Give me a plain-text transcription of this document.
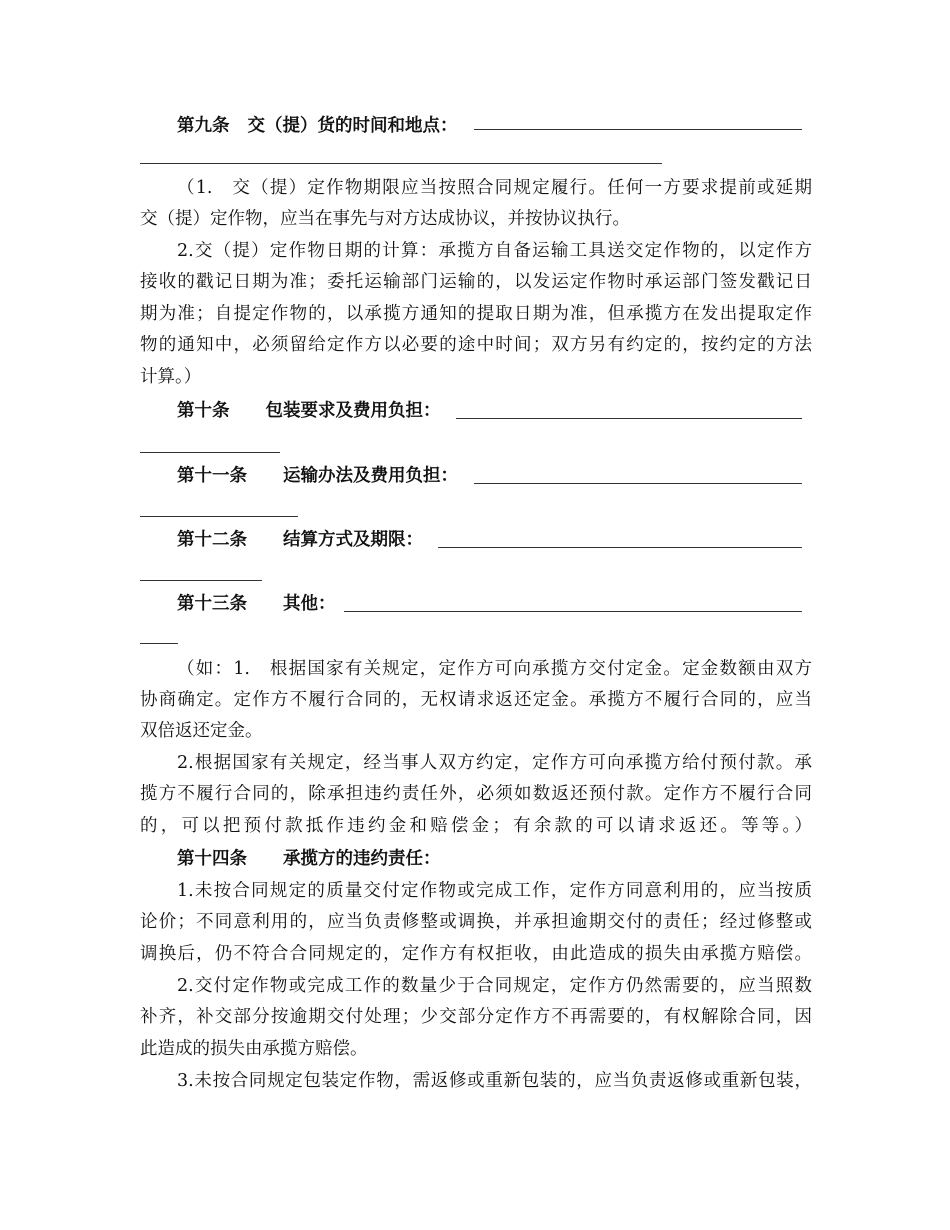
第九条 交（提）货的时间和地点：
（1.　交（提）定作物期限应当按照合同规定履行。任何一方要求提前或延期
交（提）定作物，应当在事先与对方达成协议，并按协议执行。
2.交（提）定作物日期的计算：承揽方自备运输工具送交定作物的，以定作方
接收的戳记日期为准；委托运输部门运输的，以发运定作物时承运部门签发戳记日
期为准；自提定作物的，以承揽方通知的提取日期为准，但承揽方在发出提取定作
物的通知中，必须留给定作方以必要的途中时间；双方另有约定的，按约定的方法
计算。）
第十条 包装要求及费用负担：
第十一条 运输办法及费用负担：
第十二条 结算方式及期限：
第十三条 其他：
（如：1.　根据国家有关规定，定作方可向承揽方交付定金。定金数额由双方
协商确定。定作方不履行合同的，无权请求返还定金。承揽方不履行合同的，应当
双倍返还定金。
2.根据国家有关规定，经当事人双方约定，定作方可向承揽方给付预付款。承
揽方不履行合同的，除承担违约责任外，必须如数返还预付款。定作方不履行合同
的，可以把预付款抵作违约金和赔偿金；有余款的可以请求返还。等等。）
第十四条 承揽方的违约责任：
1.未按合同规定的质量交付定作物或完成工作，定作方同意利用的，应当按质
论价；不同意利用的，应当负责修整或调换，并承担逾期交付的责任；经过修整或
调换后，仍不符合合同规定的，定作方有权拒收，由此造成的损失由承揽方赔偿。
2.交付定作物或完成工作的数量少于合同规定，定作方仍然需要的，应当照数
补齐，补交部分按逾期交付处理；少交部分定作方不再需要的，有权解除合同，因
此造成的损失由承揽方赔偿。
3.未按合同规定包装定作物，需返修或重新包装的，应当负责返修或重新包装，
